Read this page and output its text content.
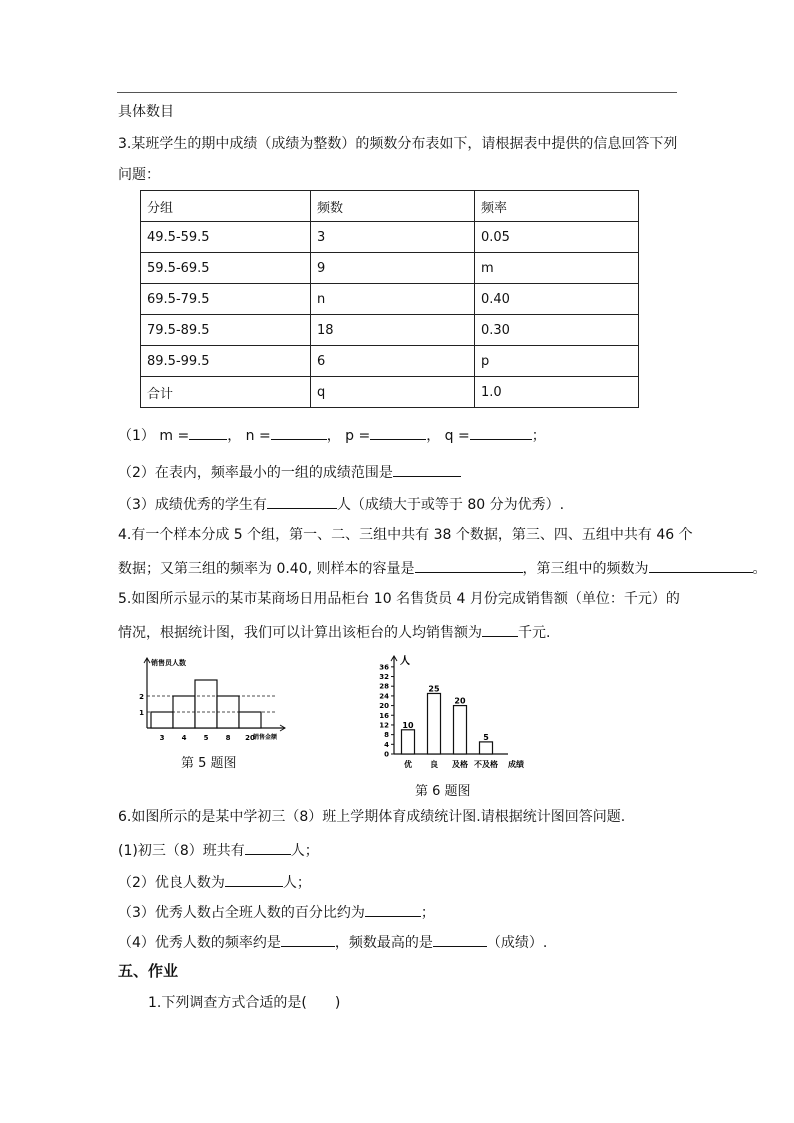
具体数目
3.某班学生的期中成绩（成绩为整数）的频数分布表如下，请根据表中提供的信息回答下列
问题：
分组	频数	频率
49.5-59.5	3	0.05
59.5-69.5	9	m
69.5-79.5	n	0.40
79.5-89.5	18	0.30
89.5-99.5	6	p
合计	q	1.0
（1） m =	， n =	， p =	， q =	；
（2）在表内，频率最小的一组的成绩范围是
（3）成绩优秀的学生有	人（成绩大于或等于 80 分为优秀）.
4.有一个样本分成 5 个组，第一、二、三组中共有 38 个数据，第三、四、五组中共有 46 个
数据；又第三组的频率为 0.40, 则样本的容量是	，第三组中的频数为	。
5.如图所示显示的某市某商场日用品柜台 10 名售货员 4 月份完成销售额（单位：千元）的
情况，根据统计图，我们可以计算出该柜台的人均销售额为	千元.
销售员人数
销售金额
3 4 5 8 20
1
2
第 5 题图
人
0
4
8
12
16
20
24
28
32
36
10
优
25
良
20
及格
5
不及格 成绩
第 6 题图
6.如图所示的是某中学初三（8）班上学期体育成绩统计图.请根据统计图回答问题.
(1)初三（8）班共有	人；
（2）优良人数为	人；
（3）优秀人数占全班人数的百分比约为	；
（4）优秀人数的频率约是	，频数最高的是	（成绩）.
五、作业
1.下列调查方式合适的是(　　)
